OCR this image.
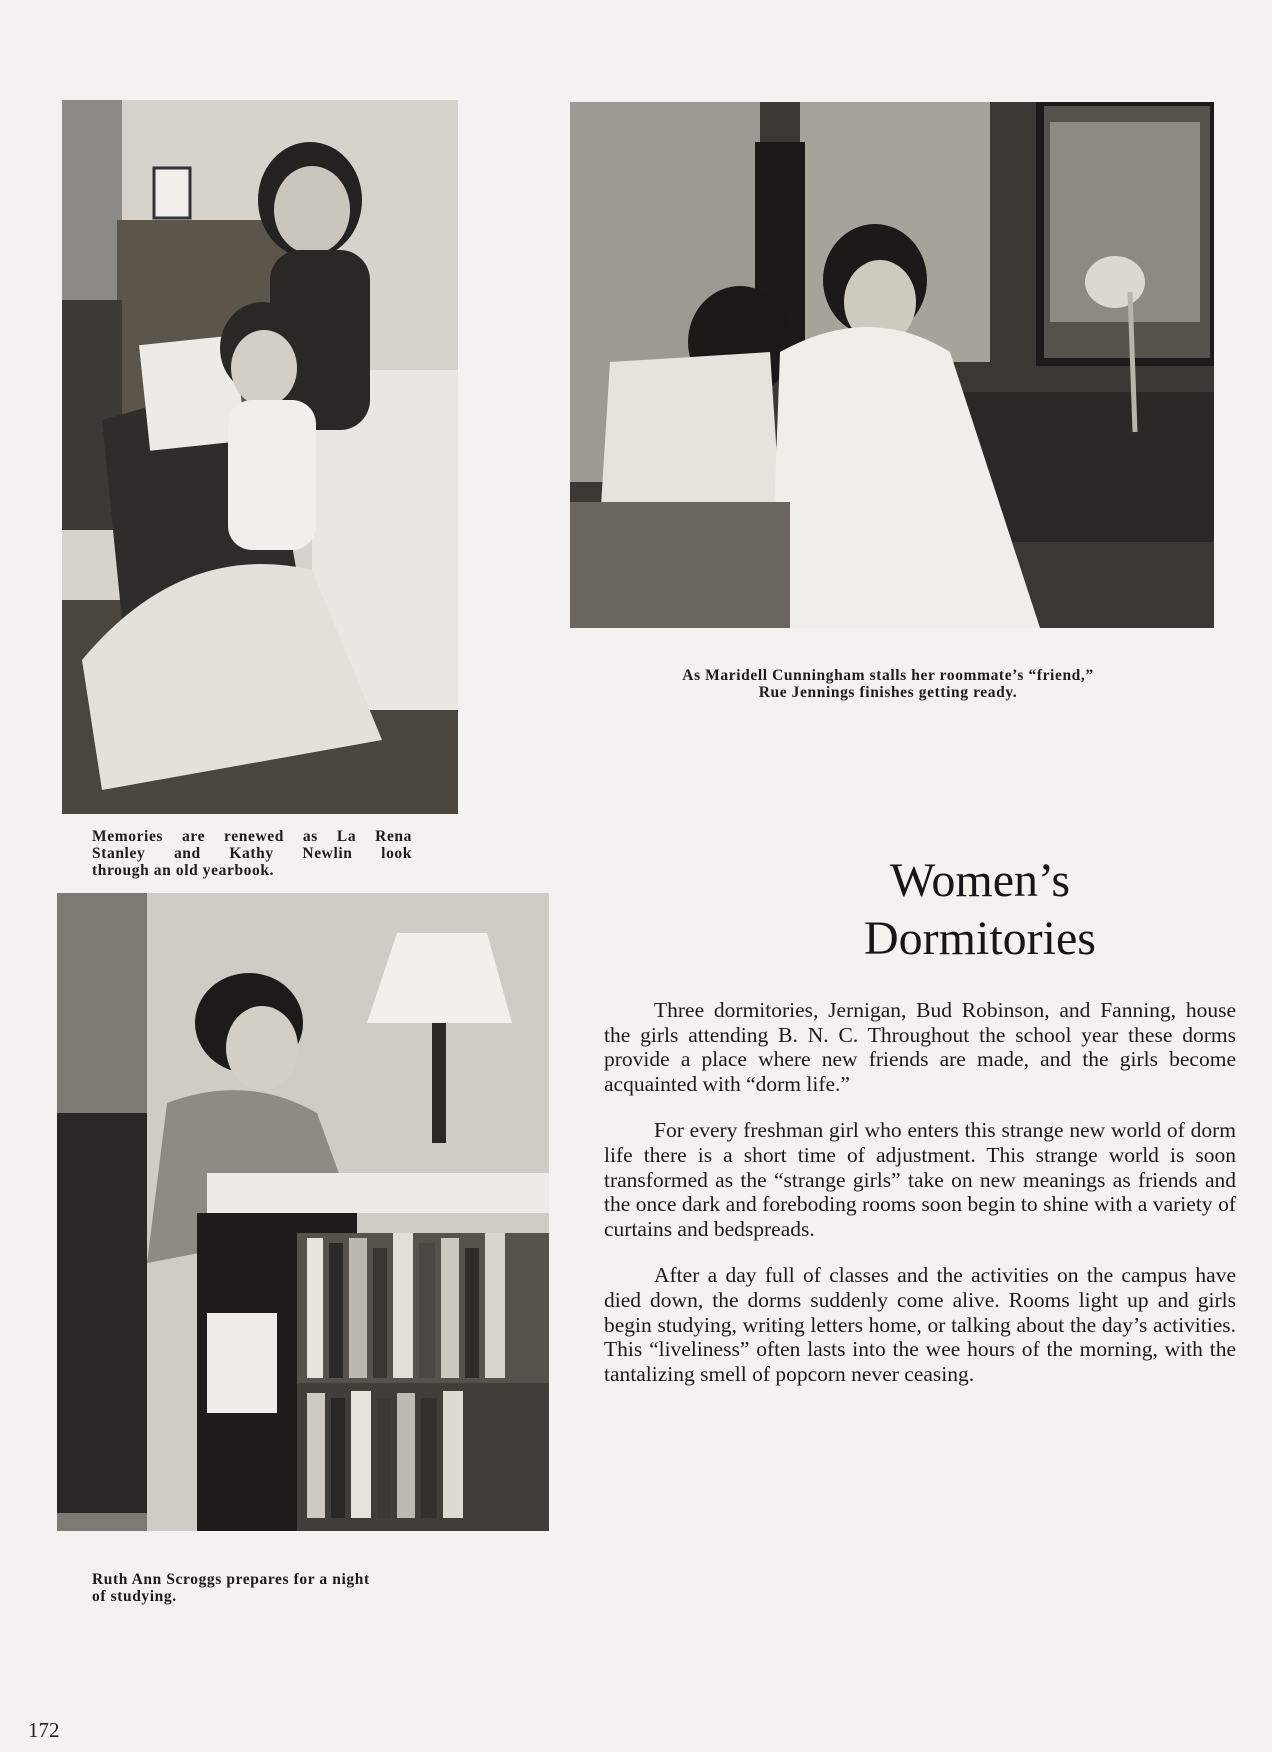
Memories are renewed as La Rena
Stanley and Kathy Newlin look
through an old yearbook.

As Maridell Cunningham stalls her roommate’s “friend,”
Rue Jennings finishes getting ready.

Ruth Ann Scroggs prepares for a night
of studying.

Women’s
Dormitories

Three dormitories, Jernigan, Bud Robinson, and Fanning, house the girls attending B. N. C. Throughout the school year these dorms provide a place where new friends are made, and the girls become acquainted with “dorm life.”

For every freshman girl who enters this strange new world of dorm life there is a short time of adjustment. This strange world is soon transformed as the “strange girls” take on new meanings as friends and the once dark and foreboding rooms soon begin to shine with a variety of curtains and bedspreads.

After a day full of classes and the activities on the campus have died down, the dorms suddenly come alive. Rooms light up and girls begin studying, writing letters home, or talking about the day’s activities. This “liveliness” often lasts into the wee hours of the morning, with the tantalizing smell of popcorn never ceasing.

172
